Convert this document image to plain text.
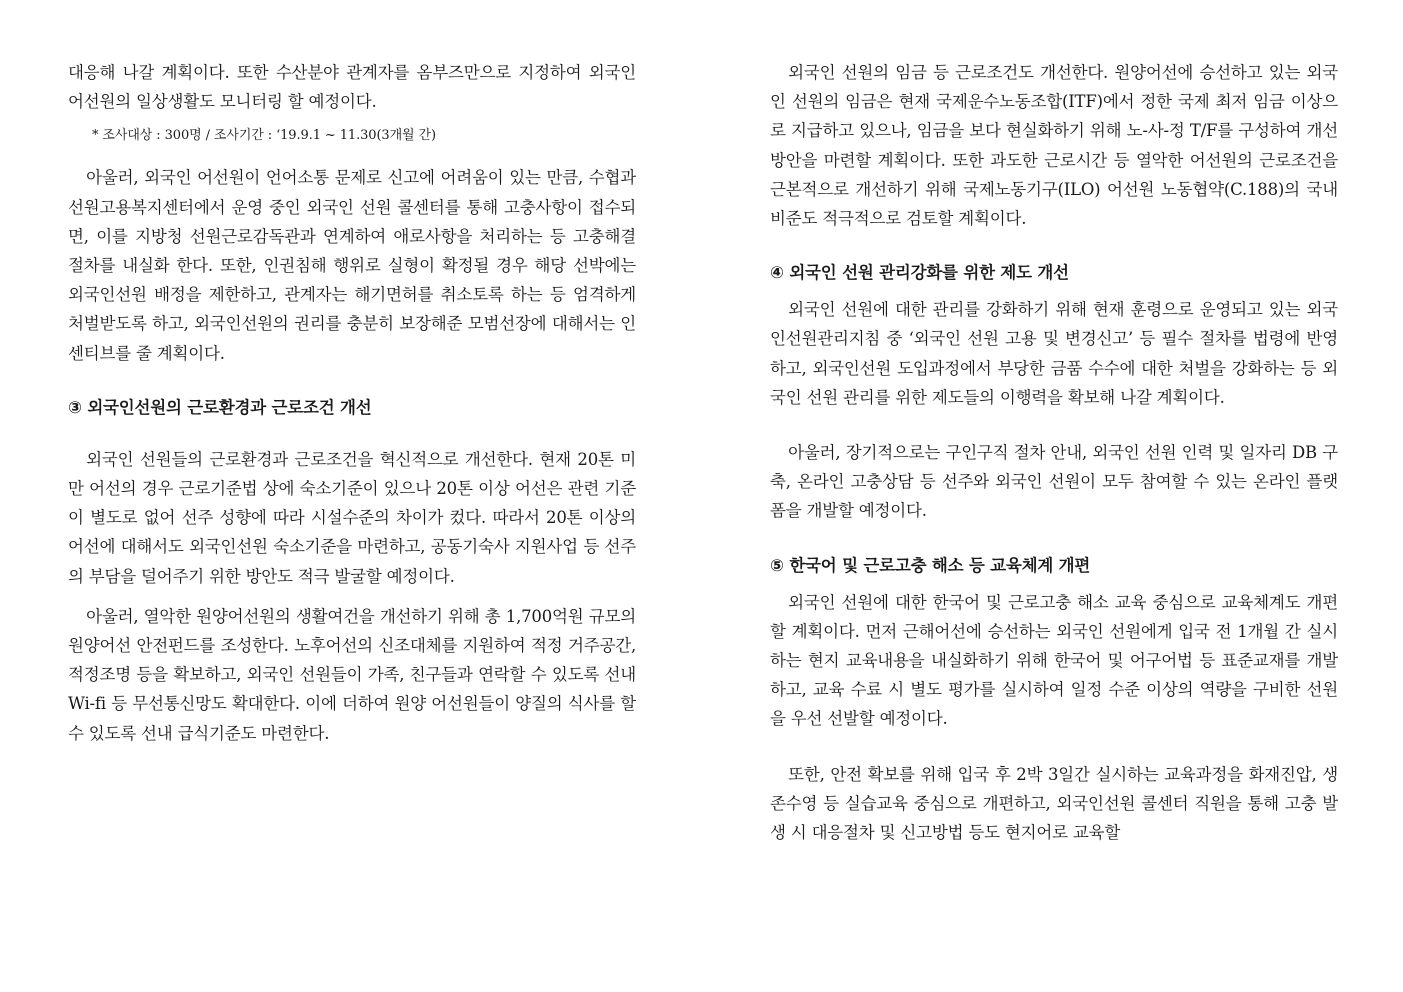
대응해 나갈 계획이다. 또한 수산분야 관계자를 옴부즈만으로 지정하여 외국인 어선원의 일상생활도 모니터링 할 예정이다.

* 조사대상 : 300명 / 조사기간 : ‘19.9.1 ~ 11.30(3개월 간)

아울러, 외국인 어선원이 언어소통 문제로 신고에 어려움이 있는 만큼, 수협과 선원고용복지센터에서 운영 중인 외국인 선원 콜센터를 통해 고충사항이 접수되면, 이를 지방청 선원근로감독관과 연계하여 애로사항을 처리하는 등 고충해결 절차를 내실화 한다. 또한, 인권침해 행위로 실형이 확정될 경우 해당 선박에는 외국인선원 배정을 제한하고, 관계자는 해기면허를 취소토록 하는 등 엄격하게 처벌받도록 하고, 외국인선원의 권리를 충분히 보장해준 모범선장에 대해서는 인센티브를 줄 계획이다.

③ 외국인선원의 근로환경과 근로조건 개선

외국인 선원들의 근로환경과 근로조건을 혁신적으로 개선한다. 현재 20톤 미만 어선의 경우 근로기준법 상에 숙소기준이 있으나 20톤 이상 어선은 관련 기준이 별도로 없어 선주 성향에 따라 시설수준의 차이가 컸다. 따라서 20톤 이상의 어선에 대해서도 외국인선원 숙소기준을 마련하고, 공동기숙사 지원사업 등 선주의 부담을 덜어주기 위한 방안도 적극 발굴할 예정이다.

아울러, 열악한 원양어선원의 생활여건을 개선하기 위해 총 1,700억원 규모의 원양어선 안전펀드를 조성한다. 노후어선의 신조대체를 지원하여 적정 거주공간, 적정조명 등을 확보하고, 외국인 선원들이 가족, 친구들과 연락할 수 있도록 선내 Wi-fi 등 무선통신망도 확대한다. 이에 더하여 원양 어선원들이 양질의 식사를 할 수 있도록 선내 급식기준도 마련한다.

외국인 선원의 임금 등 근로조건도 개선한다. 원양어선에 승선하고 있는 외국인 선원의 임금은 현재 국제운수노동조합(ITF)에서 정한 국제 최저 임금 이상으로 지급하고 있으나, 임금을 보다 현실화하기 위해 노-사-정 T/F를 구성하여 개선방안을 마련할 계획이다. 또한 과도한 근로시간 등 열악한 어선원의 근로조건을 근본적으로 개선하기 위해 국제노동기구(ILO) 어선원 노동협약(C.188)의 국내 비준도 적극적으로 검토할 계획이다.

④ 외국인 선원 관리강화를 위한 제도 개선

외국인 선원에 대한 관리를 강화하기 위해 현재 훈령으로 운영되고 있는 외국인선원관리지침 중 ‘외국인 선원 고용 및 변경신고’ 등 필수 절차를 법령에 반영하고, 외국인선원 도입과정에서 부당한 금품 수수에 대한 처벌을 강화하는 등 외국인 선원 관리를 위한 제도들의 이행력을 확보해 나갈 계획이다.

아울러, 장기적으로는 구인구직 절차 안내, 외국인 선원 인력 및 일자리 DB 구축, 온라인 고충상담 등 선주와 외국인 선원이 모두 참여할 수 있는 온라인 플랫폼을 개발할 예정이다.

⑤ 한국어 및 근로고충 해소 등 교육체계 개편

외국인 선원에 대한 한국어 및 근로고충 해소 교육 중심으로 교육체계도 개편할 계획이다. 먼저 근해어선에 승선하는 외국인 선원에게 입국 전 1개월 간 실시하는 현지 교육내용을 내실화하기 위해 한국어 및 어구어법 등 표준교재를 개발하고, 교육 수료 시 별도 평가를 실시하여 일정 수준 이상의 역량을 구비한 선원을 우선 선발할 예정이다.

또한, 안전 확보를 위해 입국 후 2박 3일간 실시하는 교육과정을 화재진압, 생존수영 등 실습교육 중심으로 개편하고, 외국인선원 콜센터 직원을 통해 고충 발생 시 대응절차 및 신고방법 등도 현지어로 교육할
